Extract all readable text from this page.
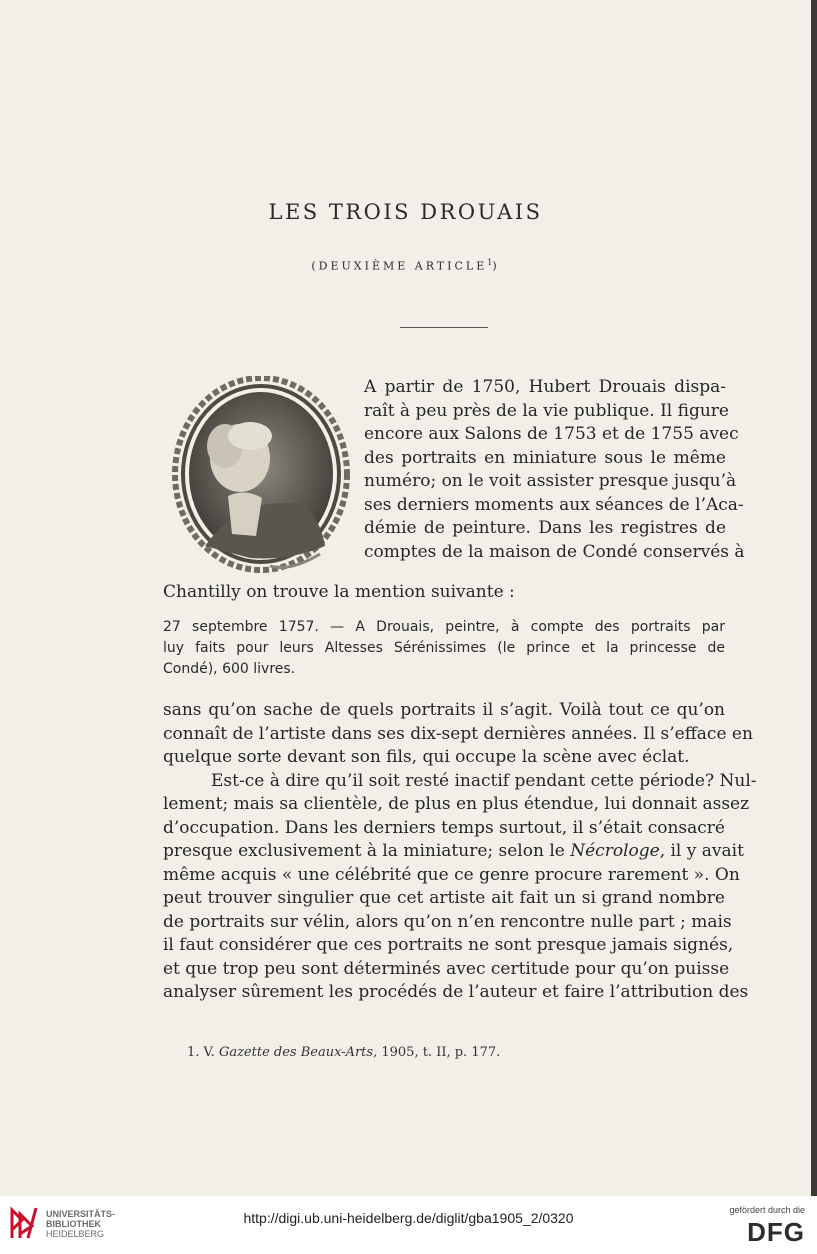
LES TROIS DROUAIS
(DEUXIÈME ARTICLE$^1$)
A partir de 1750, Hubert Drouais dispa-
raît à peu près de la vie publique. Il figure
encore aux Salons de 1753 et de 1755 avec
des portraits en miniature sous le même
numéro; on le voit assister presque jusqu’à
ses derniers moments aux séances de l’Aca-
démie de peinture. Dans les registres de
comptes de la maison de Condé conservés à
Chantilly on trouve la mention suivante :
27 septembre 1757. — A Drouais, peintre, à compte des portraits par
luy faits pour leurs Altesses Sérénissimes (le prince et la princesse de
Condé), 600 livres.
sans qu’on sache de quels portraits il s’agit. Voilà tout ce qu’on
connaît de l’artiste dans ses dix-sept dernières années. Il s’efface en
quelque sorte devant son fils, qui occupe la scène avec éclat.
Est-ce à dire qu’il soit resté inactif pendant cette période? Nul-
lement; mais sa clientèle, de plus en plus étendue, lui donnait assez
d’occupation. Dans les derniers temps surtout, il s’était consacré
presque exclusivement à la miniature; selon le Nécrologe, il y avait
même acquis « une célébrité que ce genre procure rarement ». On
peut trouver singulier que cet artiste ait fait un si grand nombre
de portraits sur vélin, alors qu’on n’en rencontre nulle part ; mais
il faut considérer que ces portraits ne sont presque jamais signés,
et que trop peu sont déterminés avec certitude pour qu’on puisse
analyser sûrement les procédés de l’auteur et faire l’attribution des
1. V. Gazette des Beaux-Arts, 1905, t. II, p. 177.
UNIVERSITÄTS-
BIBLIOTHEK
HEIDELBERG
http://digi.ub.uni-heidelberg.de/diglit/gba1905_2/0320	gefördert durch die
DFG
